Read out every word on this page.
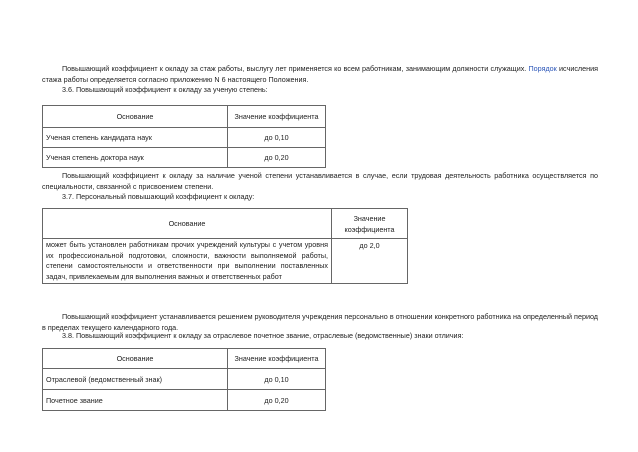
Повышающий коэффициент к окладу за стаж работы, выслугу лет применяется ко всем работникам, занимающим должности служащих. Порядок исчисления стажа работы определяется согласно приложению N 6 настоящего Положения.
3.6. Повышающий коэффициент к окладу за ученую степень:
Основание	Значение коэффициента
Ученая степень кандидата наук	до 0,10
Ученая степень доктора наук	до 0,20
Повышающий коэффициент к окладу за наличие ученой степени устанавливается в случае, если трудовая деятельность работника осуществляется по специальности, связанной с присвоением степени.
3.7. Персональный повышающий коэффициент к окладу:
Основание	Значение коэффициента
может быть установлен работникам прочих учреждений культуры с учетом уровня их профессиональной подготовки, сложности, важности выполняемой работы, степени самостоятельности и ответственности при выполнении поставленных задач, привлекаемым для выполнения важных и ответственных работ	до 2,0
Повышающий коэффициент устанавливается решением руководителя учреждения персонально в отношении конкретного работника на определенный период в пределах текущего календарного года.
3.8. Повышающий коэффициент к окладу за отраслевое почетное звание, отраслевые (ведомственные) знаки отличия:
Основание	Значение коэффициента
Отраслевой (ведомственный знак)	до 0,10
Почетное звание	до 0,20
